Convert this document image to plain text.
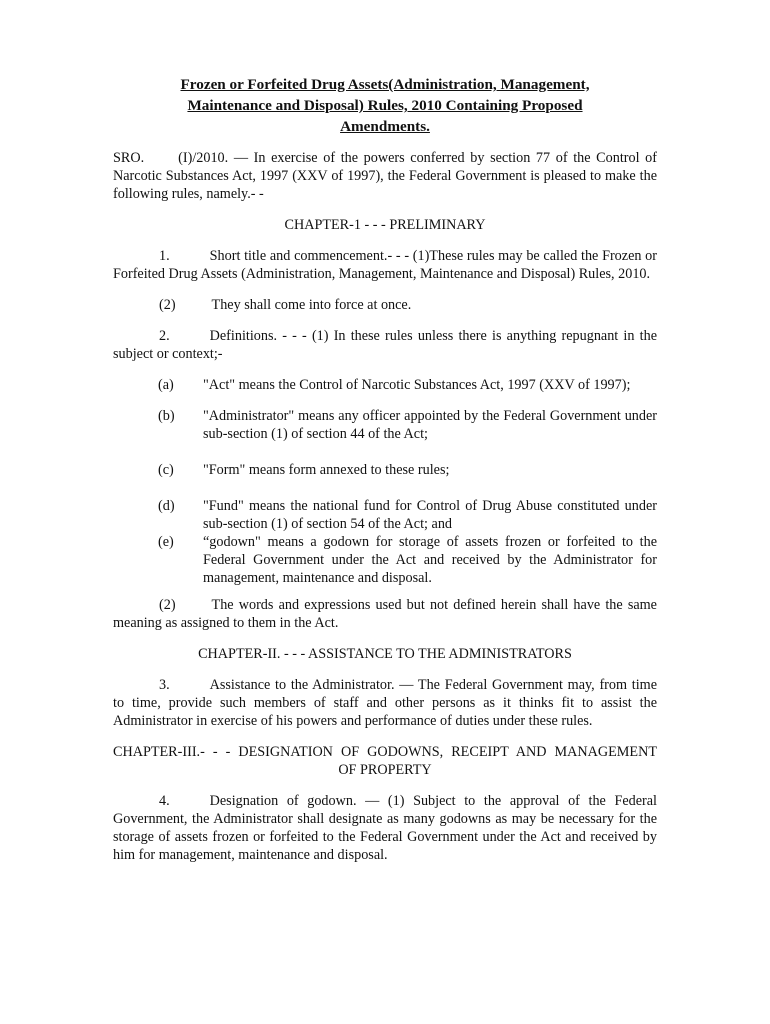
Frozen or Forfeited Drug Assets(Administration, Management,
Maintenance and Disposal) Rules, 2010 Containing Proposed
Amendments.

SRO. (I)/2010. ― In exercise of the powers conferred by section 77 of the Control of Narcotic Substances Act, 1997 (XXV of 1997), the Federal Government is pleased to make the following rules, namely.- -

CHAPTER-1 - - - PRELIMINARY

1.	Short title and commencement.- - - (1)These rules may be called the Frozen or Forfeited Drug Assets (Administration, Management, Maintenance and Disposal) Rules, 2010.

(2)	They shall come into force at once.

2.	Definitions. - - - (1) In these rules unless there is anything repugnant in the subject or context;-

(a) "Act" means the Control of Narcotic Substances Act, 1997 (XXV of 1997);

(b) "Administrator" means any officer appointed by the Federal Government under sub-section (1) of section 44 of the Act;

(c) "Form" means form annexed to these rules;

(d) "Fund" means the national fund for Control of Drug Abuse constituted under sub-section (1) of section 54 of the Act; and

(e) “godown" means a godown for storage of assets frozen or forfeited to the Federal Government under the Act and received by the Administrator for management, maintenance and disposal.

(2)	The words and expressions used but not defined herein shall have the same meaning as assigned to them in the Act.

CHAPTER-II. - - - ASSISTANCE TO THE ADMINISTRATORS

3.	Assistance to the Administrator. ― The Federal Government may, from time to time, provide such members of staff and other persons as it thinks fit to assist the Administrator in exercise of his powers and performance of duties under these rules.

CHAPTER-III.- - - DESIGNATION OF GODOWNS, RECEIPT AND MANAGEMENT
OF PROPERTY

4.	Designation of godown. ― (1) Subject to the approval of the Federal Government, the Administrator shall designate as many godowns as may be necessary for the storage of assets frozen or forfeited to the Federal Government under the Act and received by him for management, maintenance and disposal.
